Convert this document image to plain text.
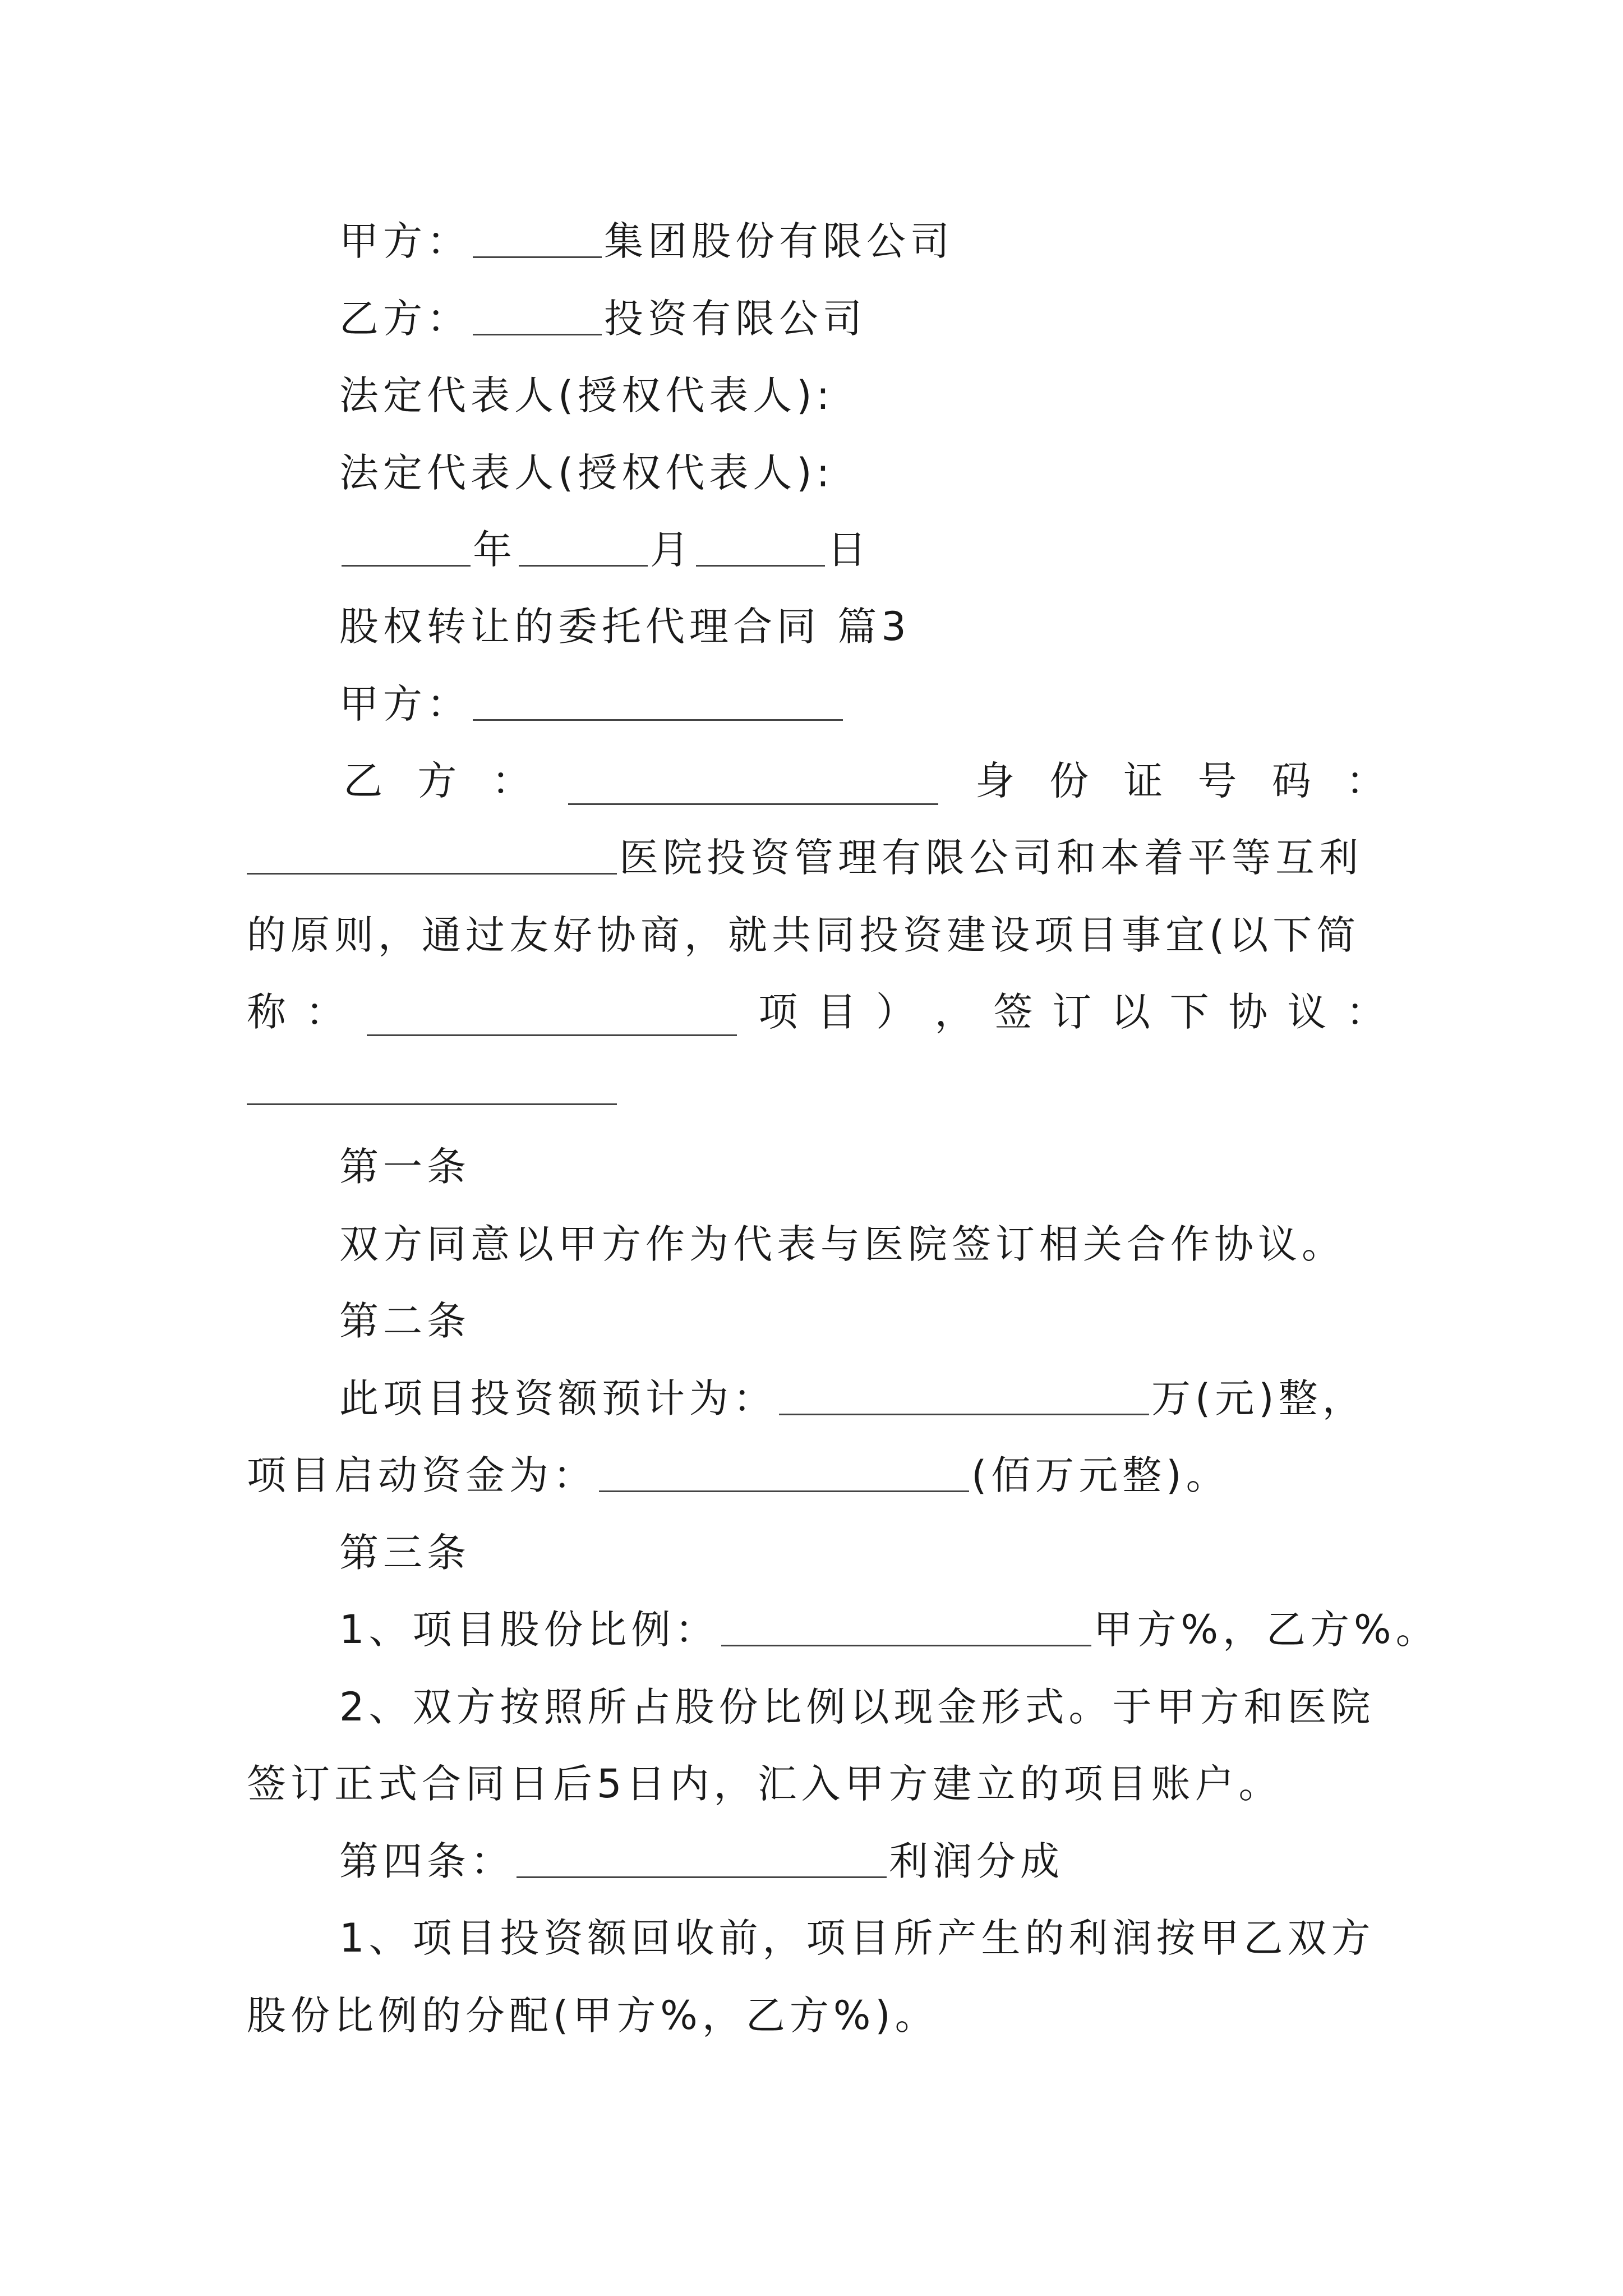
甲方：	集团股份有限公司
乙方：	投资有限公司
法定代表人(授权代表人):
法定代表人(授权代表人):
年	月	日
股权转让的委托代理合同 篇3
甲方：
乙 方 ：	身 份 证 号 码 ：
医院投资管理有限公司和本着平等互利
的原则，通过友好协商，就共同投资建设项目事宜(以下简
称 ：	项 目 ） ， 签 订 以 下 协 议 ：
第一条
双方同意以甲方作为代表与医院签订相关合作协议。
第二条
此项目投资额预计为：	万(元)整，
项目启动资金为：	(佰万元整)。
第三条
1、项目股份比例：	甲方%，乙方%。
2、双方按照所占股份比例以现金形式。于甲方和医院
签订正式合同日后5日内，汇入甲方建立的项目账户。
第四条：	利润分成
1、项目投资额回收前，项目所产生的利润按甲乙双方
股份比例的分配(甲方%，乙方%)。
